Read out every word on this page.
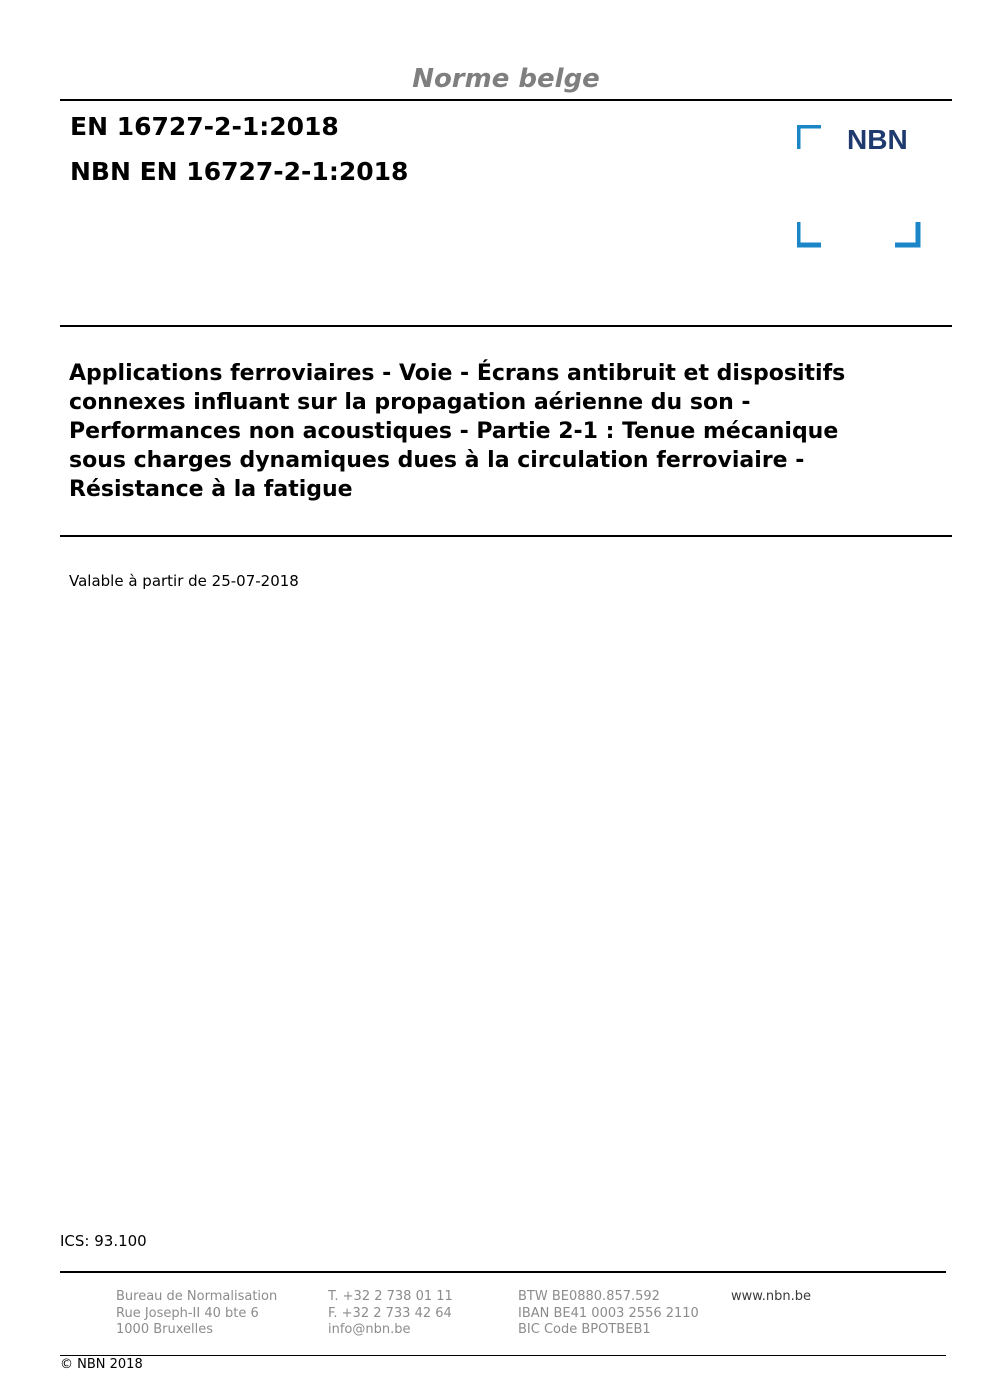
Norme belge
EN 16727-2-1:2018
NBN EN 16727-2-1:2018
NBN
Applications ferroviaires - Voie - Écrans antibruit et dispositifs
connexes influant sur la propagation aérienne du son -
Performances non acoustiques - Partie 2-1 : Tenue mécanique
sous charges dynamiques dues à la circulation ferroviaire -
Résistance à la fatigue
Valable à partir de 25-07-2018
ICS: 93.100
Bureau de Normalisation
Rue Joseph-II 40 bte 6
1000 Bruxelles
T. +32 2 738 01 11
F. +32 2 733 42 64
info@nbn.be
BTW BE0880.857.592
IBAN BE41 0003 2556 2110
BIC Code BPOTBEB1
www.nbn.be
© NBN 2018
